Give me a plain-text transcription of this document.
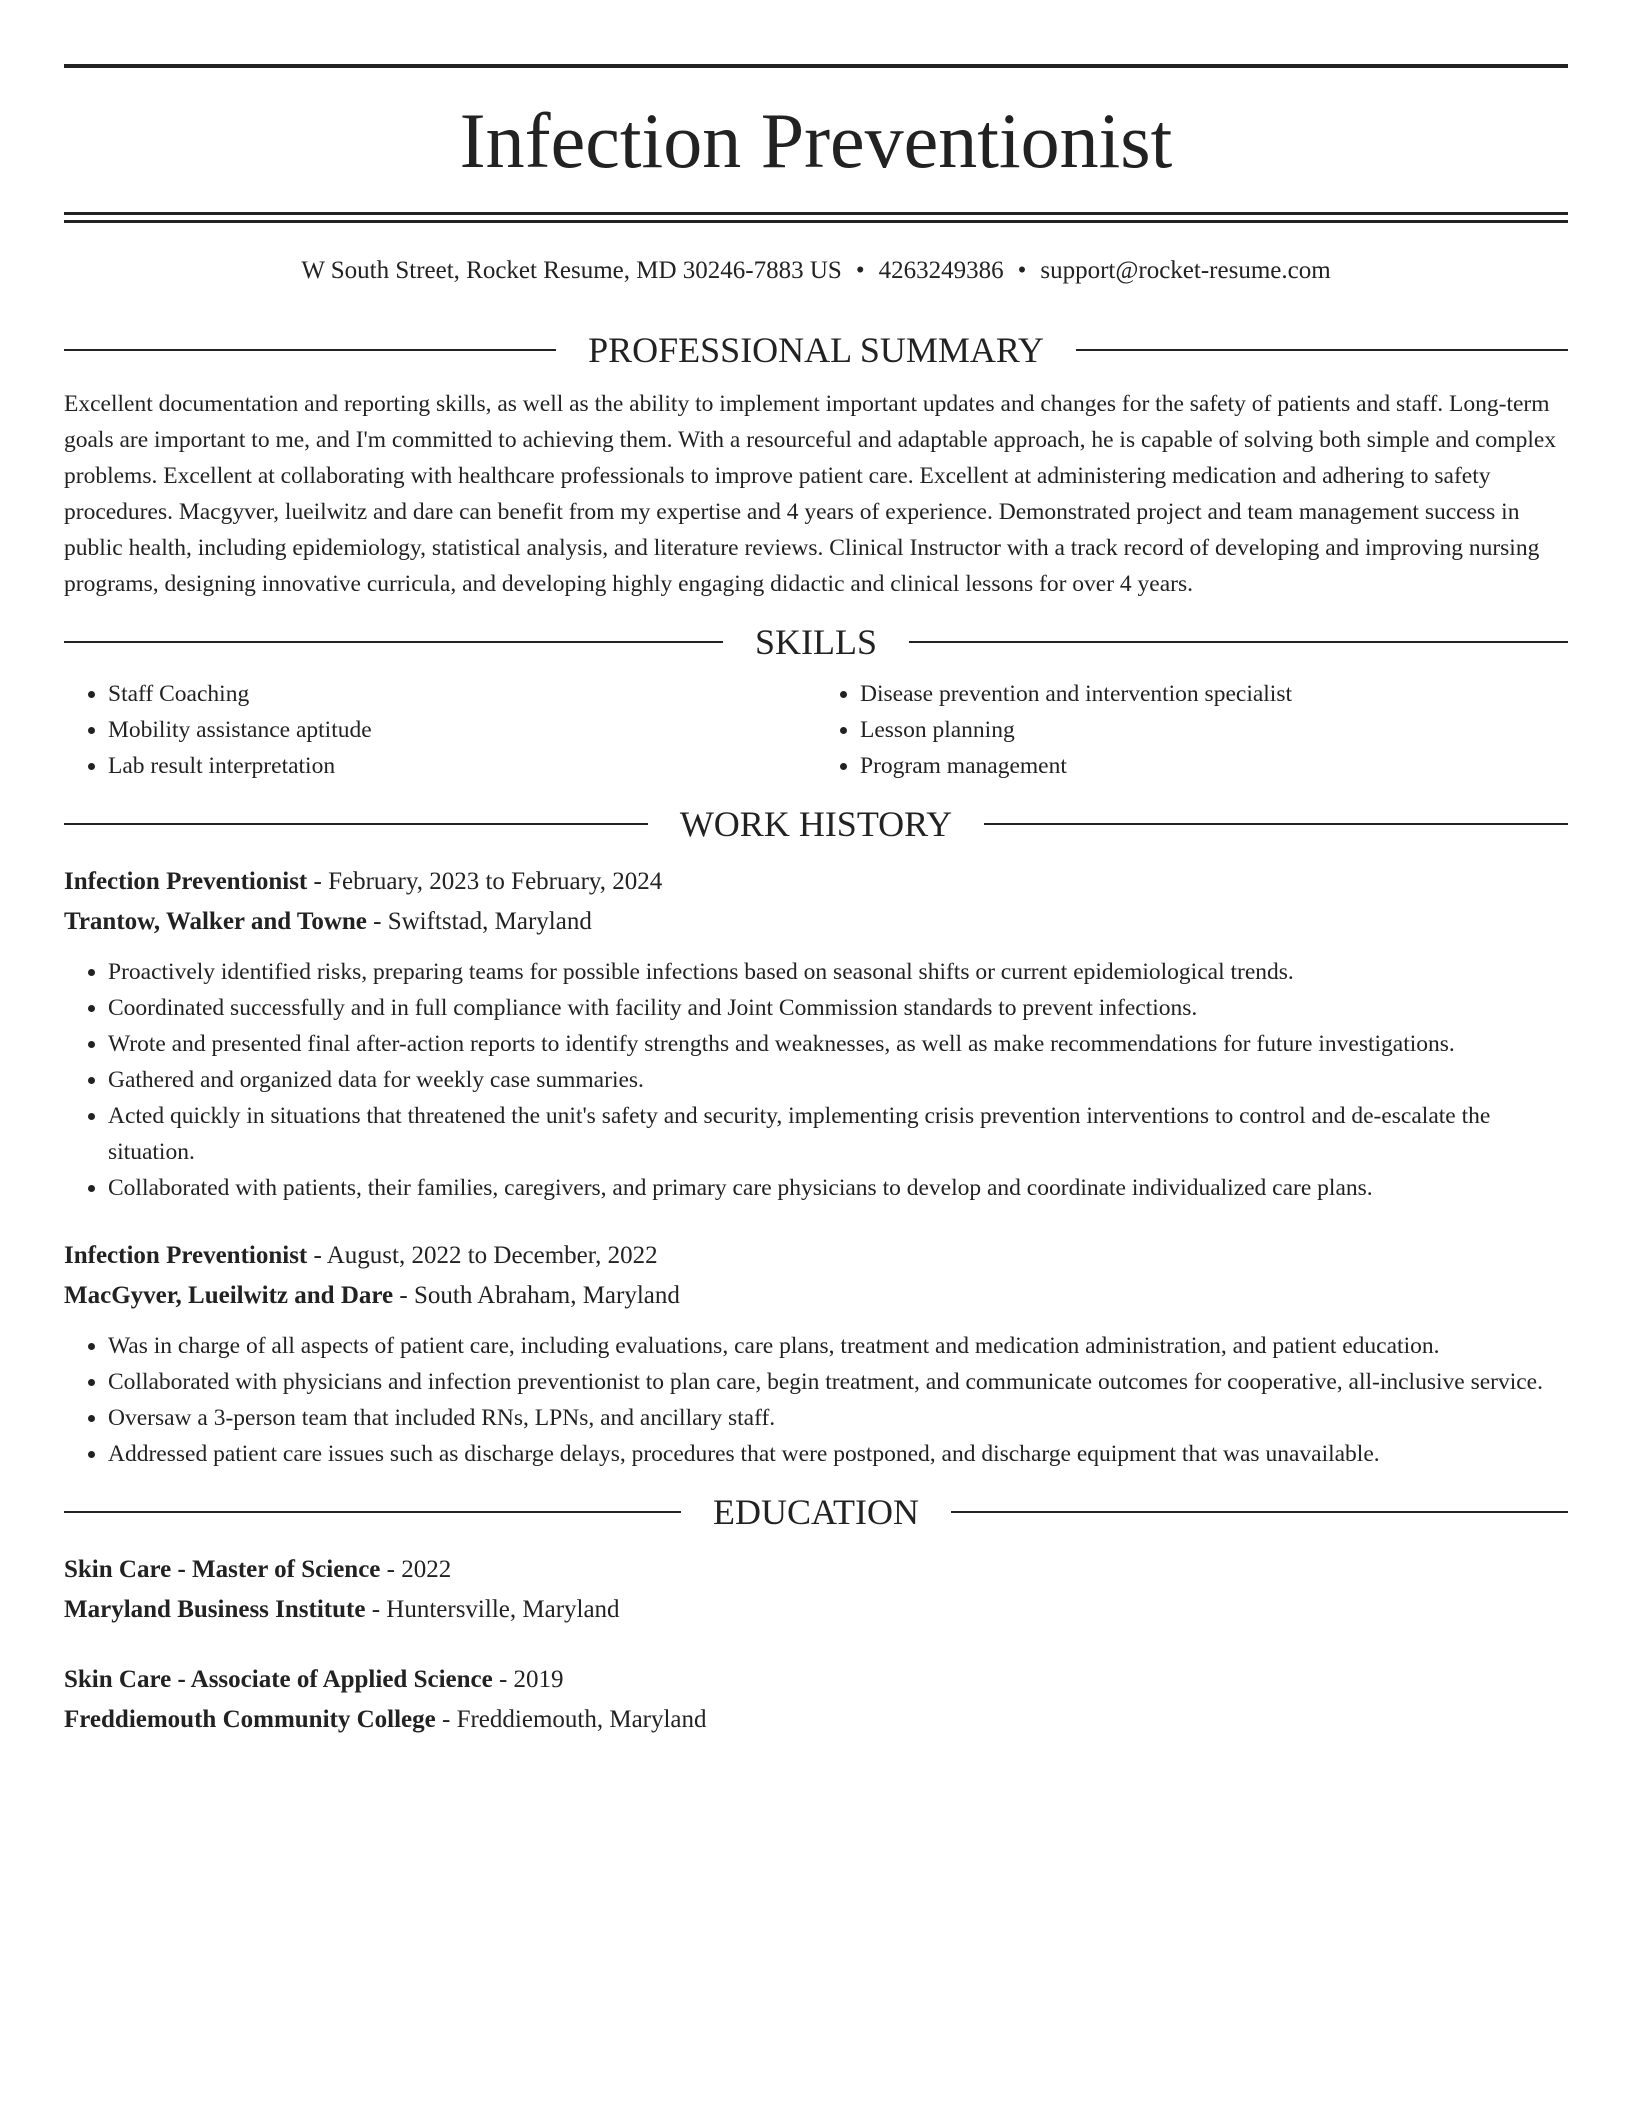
Infection Preventionist
W South Street, Rocket Resume, MD 30246-7883 US • 4263249386 • support@rocket-resume.com
PROFESSIONAL SUMMARY

Excellent documentation and reporting skills, as well as the ability to implement important updates and changes for the safety of patients and staff. Long-term goals are important to me, and I'm committed to achieving them. With a resourceful and adaptable approach, he is capable of solving both simple and complex problems. Excellent at collaborating with healthcare professionals to improve patient care. Excellent at administering medication and adhering to safety procedures. Macgyver, lueilwitz and dare can benefit from my expertise and 4 years of experience. Demonstrated project and team management success in public health, including epidemiology, statistical analysis, and literature reviews. Clinical Instructor with a track record of developing and improving nursing programs, designing innovative curricula, and developing highly engaging didactic and clinical lessons for over 4 years.

SKILLS
• Staff Coaching
• Mobility assistance aptitude
• Lab result interpretation
• Disease prevention and intervention specialist
• Lesson planning
• Program management
WORK HISTORY
Infection Preventionist - February, 2023 to February, 2024
Trantow, Walker and Towne - Swiftstad, Maryland
• Proactively identified risks, preparing teams for possible infections based on seasonal shifts or current epidemiological trends.
• Coordinated successfully and in full compliance with facility and Joint Commission standards to prevent infections.
• Wrote and presented final after-action reports to identify strengths and weaknesses, as well as make recommendations for future investigations.
• Gathered and organized data for weekly case summaries.
• Acted quickly in situations that threatened the unit's safety and security, implementing crisis prevention interventions to control and de-escalate the situation.
• Collaborated with patients, their families, caregivers, and primary care physicians to develop and coordinate individualized care plans.
Infection Preventionist - August, 2022 to December, 2022
MacGyver, Lueilwitz and Dare - South Abraham, Maryland
• Was in charge of all aspects of patient care, including evaluations, care plans, treatment and medication administration, and patient education.
• Collaborated with physicians and infection preventionist to plan care, begin treatment, and communicate outcomes for cooperative, all-inclusive service.
• Oversaw a 3-person team that included RNs, LPNs, and ancillary staff.
• Addressed patient care issues such as discharge delays, procedures that were postponed, and discharge equipment that was unavailable.
EDUCATION
Skin Care - Master of Science - 2022
Maryland Business Institute - Huntersville, Maryland
Skin Care - Associate of Applied Science - 2019
Freddiemouth Community College - Freddiemouth, Maryland
